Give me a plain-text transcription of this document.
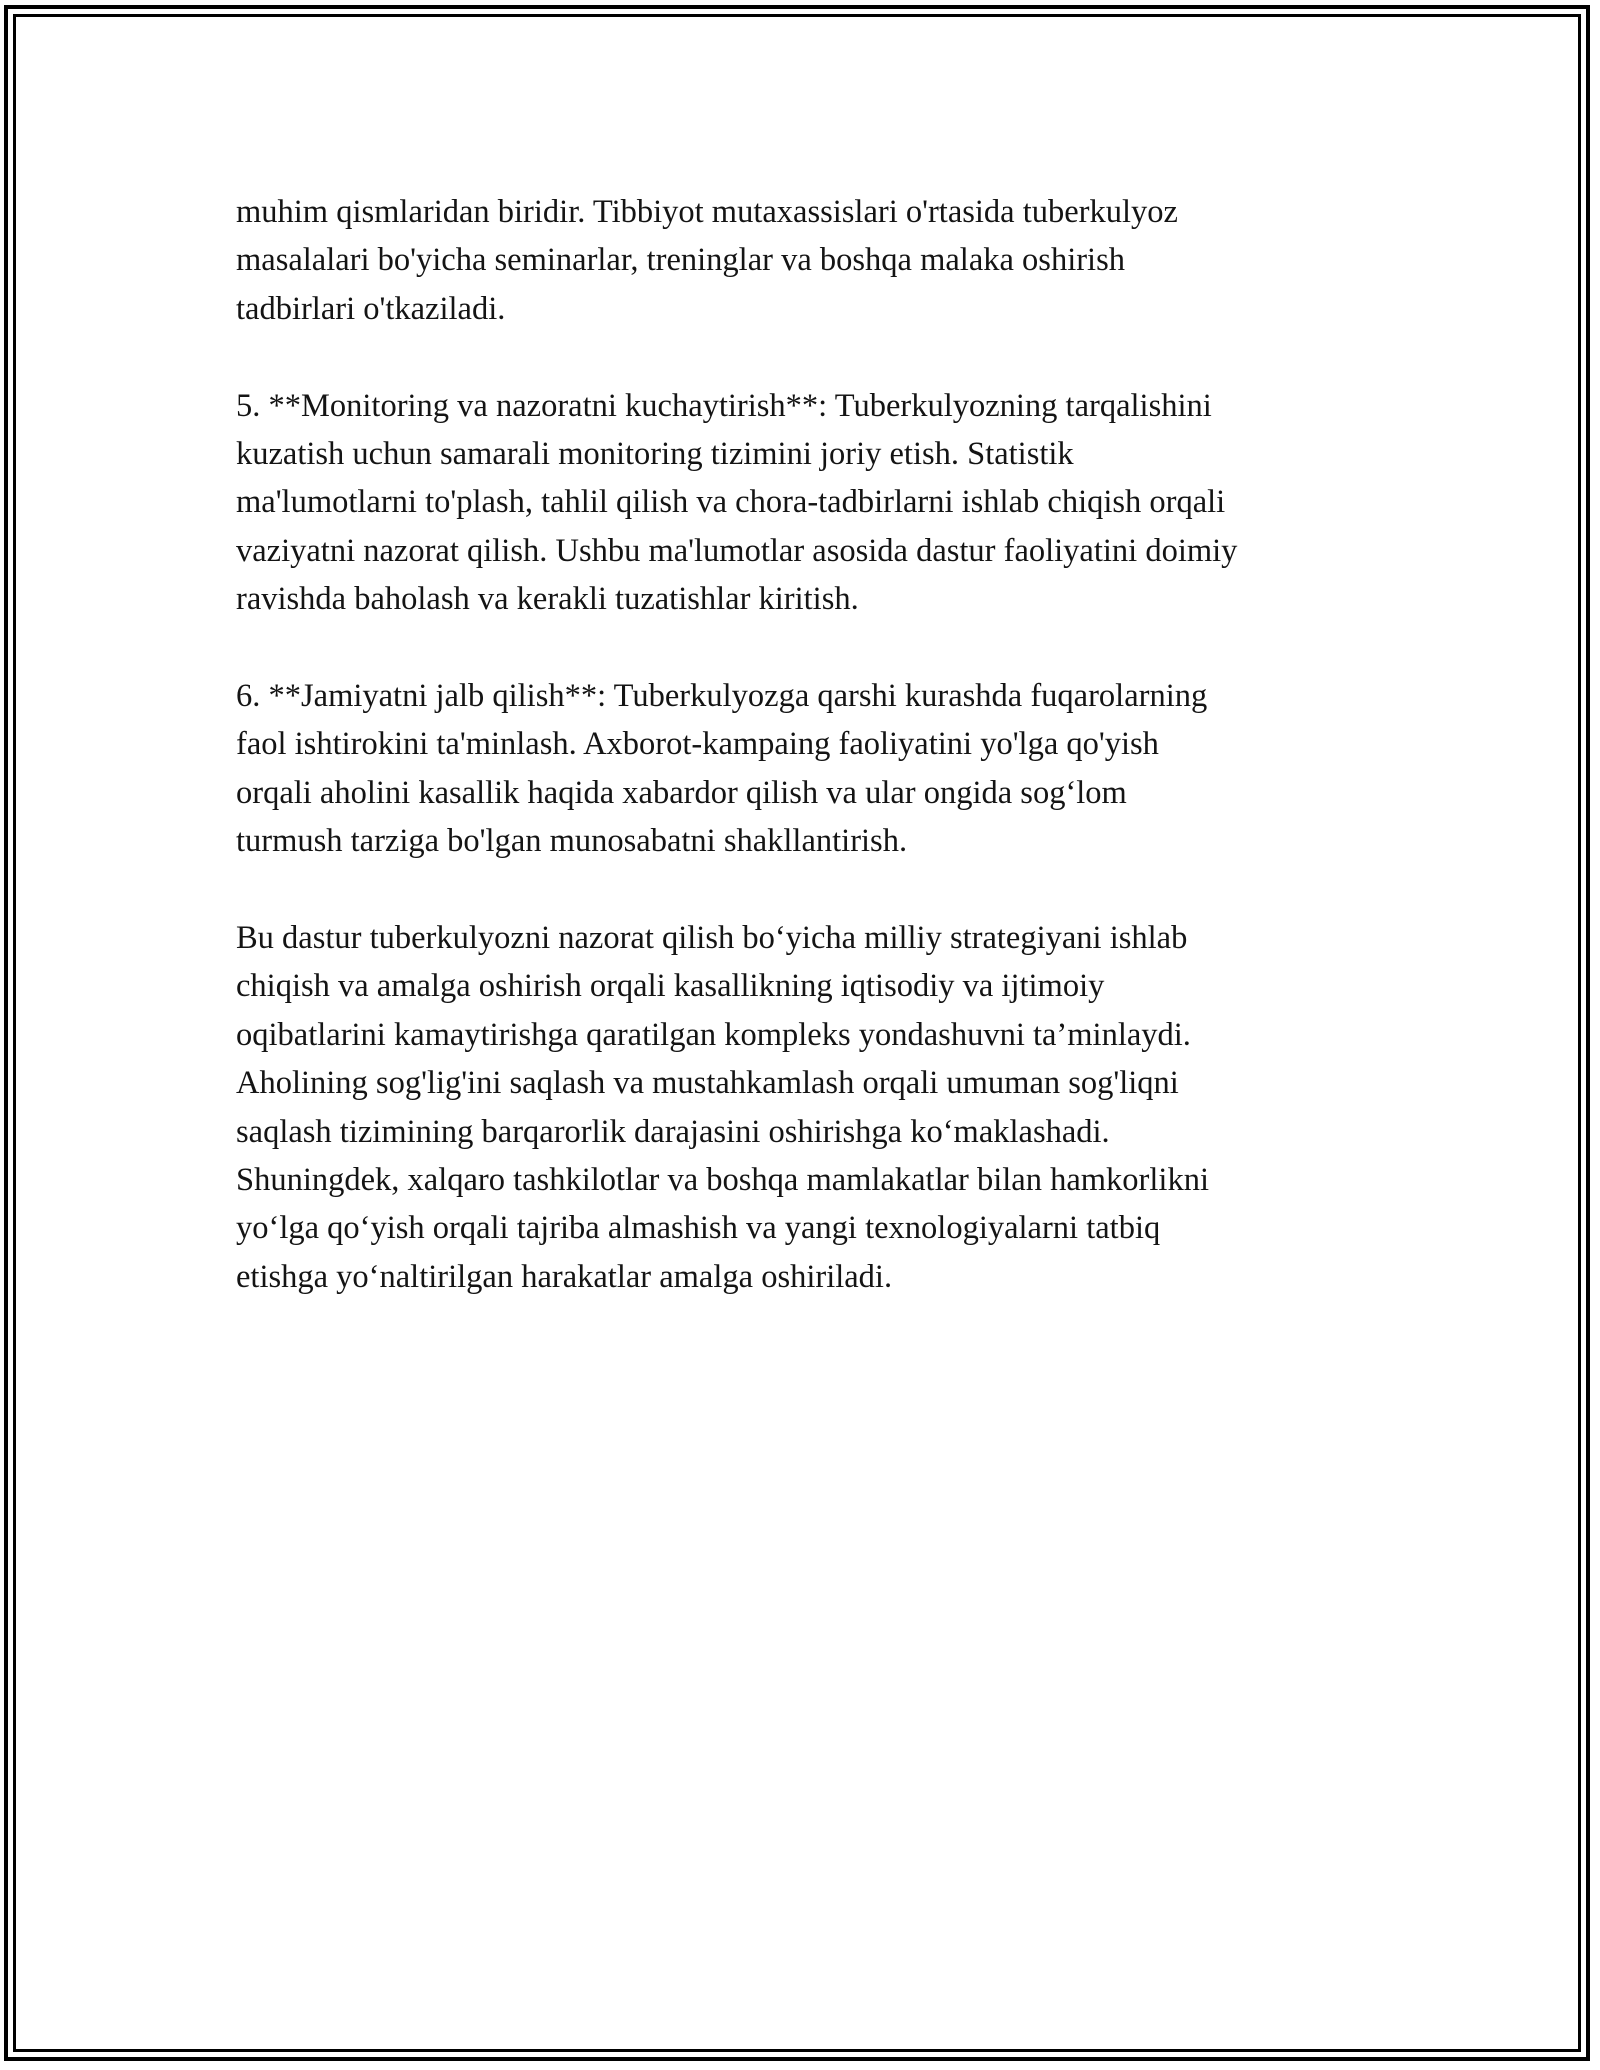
muhim qismlaridan biridir. Tibbiyot mutaxassislari o'rtasida tuberkulyoz
masalalari bo'yicha seminarlar, treninglar va boshqa malaka oshirish
tadbirlari o'tkaziladi.

5. **Monitoring va nazoratni kuchaytirish**: Tuberkulyozning tarqalishini
kuzatish uchun samarali monitoring tizimini joriy etish. Statistik
ma'lumotlarni to'plash, tahlil qilish va chora-tadbirlarni ishlab chiqish orqali
vaziyatni nazorat qilish. Ushbu ma'lumotlar asosida dastur faoliyatini doimiy
ravishda baholash va kerakli tuzatishlar kiritish.

6. **Jamiyatni jalb qilish**: Tuberkulyozga qarshi kurashda fuqarolarning
faol ishtirokini ta'minlash. Axborot-kampaing faoliyatini yo'lga qo'yish
orqali aholini kasallik haqida xabardor qilish va ular ongida sog‘lom
turmush tarziga bo'lgan munosabatni shakllantirish.

Bu dastur tuberkulyozni nazorat qilish bo‘yicha milliy strategiyani ishlab
chiqish va amalga oshirish orqali kasallikning iqtisodiy va ijtimoiy
oqibatlarini kamaytirishga qaratilgan kompleks yondashuvni ta’minlaydi.
Aholining sog'lig'ini saqlash va mustahkamlash orqali umuman sog'liqni
saqlash tizimining barqarorlik darajasini oshirishga ko‘maklashadi.
Shuningdek, xalqaro tashkilotlar va boshqa mamlakatlar bilan hamkorlikni
yo‘lga qo‘yish orqali tajriba almashish va yangi texnologiyalarni tatbiq
etishga yo‘naltirilgan harakatlar amalga oshiriladi.
